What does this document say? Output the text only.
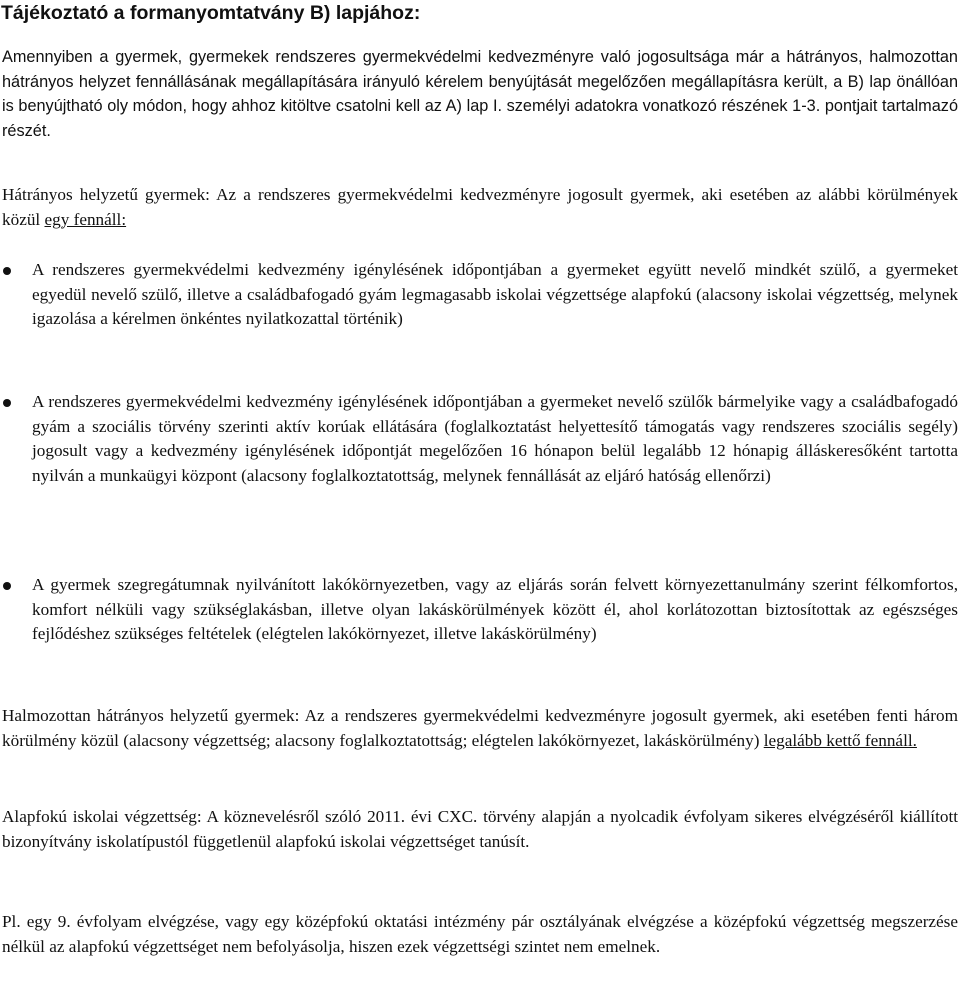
Tájékoztató a formanyomtatvány B) lapjához:

Amennyiben a gyermek, gyermekek rendszeres gyermekvédelmi kedvezményre való jogosultsága már a hátrányos, halmozottan hátrányos helyzet fennállásának megállapítására irányuló kérelem benyújtását megelőzően megállapításra került, a B) lap önállóan is benyújtható oly módon, hogy ahhoz kitöltve csatolni kell az A) lap I. személyi adatokra vonatkozó részének 1-3. pontjait tartalmazó részét.

Hátrányos helyzetű gyermek: Az a rendszeres gyermekvédelmi kedvezményre jogosult gyermek, aki esetében az alábbi körülmények közül egy fennáll:

A rendszeres gyermekvédelmi kedvezmény igénylésének időpontjában a gyermeket együtt nevelő mindkét szülő, a gyermeket egyedül nevelő szülő, illetve a családbafogadó gyám legmagasabb iskolai végzettsége alapfokú (alacsony iskolai végzettség, melynek igazolása a kérelmen önkéntes nyilatkozattal történik)

A rendszeres gyermekvédelmi kedvezmény igénylésének időpontjában a gyermeket nevelő szülők bármelyike vagy a családbafogadó gyám a szociális törvény szerinti aktív korúak ellátására (foglalkoztatást helyettesítő támogatás vagy rendszeres szociális segély) jogosult vagy a kedvezmény igénylésének időpontját megelőzően 16 hónapon belül legalább 12 hónapig álláskeresőként tartotta nyilván a munkaügyi központ (alacsony foglalkoztatottság, melynek fennállását az eljáró hatóság ellenőrzi)

A gyermek szegregátumnak nyilvánított lakókörnyezetben, vagy az eljárás során felvett környezettanulmány szerint félkomfortos, komfort nélküli vagy szükséglakásban, illetve olyan lakáskörülmények között él, ahol korlátozottan biztosítottak az egészséges fejlődéshez szükséges feltételek (elégtelen lakókörnyezet, illetve lakáskörülmény)

Halmozottan hátrányos helyzetű gyermek: Az a rendszeres gyermekvédelmi kedvezményre jogosult gyermek, aki esetében fenti három körülmény közül (alacsony végzettség; alacsony foglalkoztatottság; elégtelen lakókörnyezet, lakáskörülmény) legalább kettő fennáll.

Alapfokú iskolai végzettség: A köznevelésről szóló 2011. évi CXC. törvény alapján a nyolcadik évfolyam sikeres elvégzéséről kiállított bizonyítvány iskolatípustól függetlenül alapfokú iskolai végzettséget tanúsít.

Pl. egy 9. évfolyam elvégzése, vagy egy középfokú oktatási intézmény pár osztályának elvégzése a középfokú végzettség megszerzése nélkül az alapfokú végzettséget nem befolyásolja, hiszen ezek végzettségi szintet nem emelnek.
